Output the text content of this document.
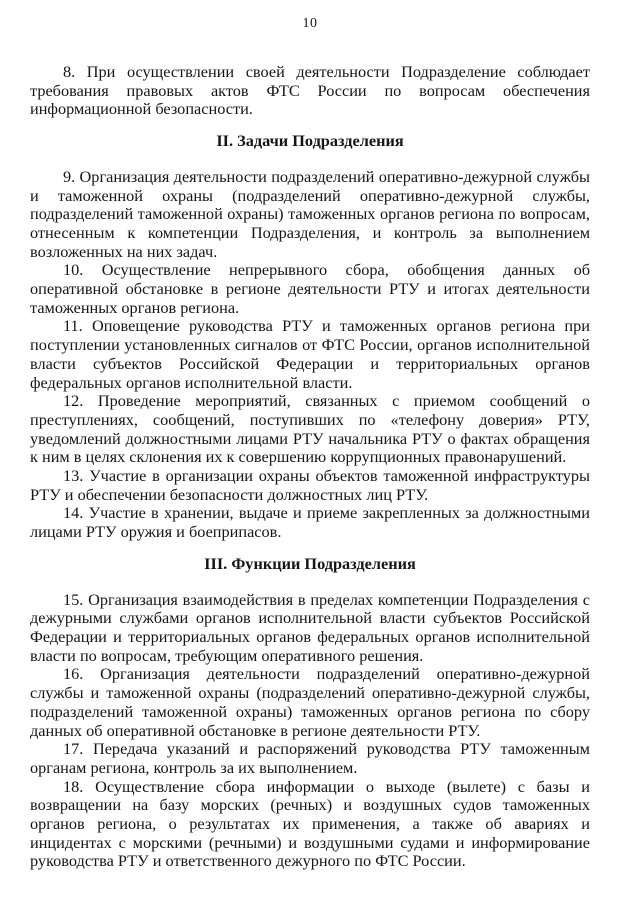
10

8. При осуществлении своей деятельности Подразделение соблюдает требования правовых актов ФТС России по вопросам обеспечения информационной безопасности.

II. Задачи Подразделения

9. Организация деятельности подразделений оперативно-дежурной службы и таможенной охраны (подразделений оперативно-дежурной службы, подразделений таможенной охраны) таможенных органов региона по вопросам, отнесенным к компетенции Подразделения, и контроль за выполнением возложенных на них задач.

10. Осуществление непрерывного сбора, обобщения данных об оперативной обстановке в регионе деятельности РТУ и итогах деятельности таможенных органов региона.

11. Оповещение руководства РТУ и таможенных органов региона при поступлении установленных сигналов от ФТС России, органов исполнительной власти субъектов Российской Федерации и территориальных органов федеральных органов исполнительной власти.

12. Проведение мероприятий, связанных с приемом сообщений о преступлениях, сообщений, поступивших по «телефону доверия» РТУ, уведомлений должностными лицами РТУ начальника РТУ о фактах обращения к ним в целях склонения их к совершению коррупционных правонарушений.

13. Участие в организации охраны объектов таможенной инфраструктуры РТУ и обеспечении безопасности должностных лиц РТУ.

14. Участие в хранении, выдаче и приеме закрепленных за должностными лицами РТУ оружия и боеприпасов.

III. Функции Подразделения

15. Организация взаимодействия в пределах компетенции Подразделения с дежурными службами органов исполнительной власти субъектов Российской Федерации и территориальных органов федеральных органов исполнительной власти по вопросам, требующим оперативного решения.

16. Организация деятельности подразделений оперативно-дежурной службы и таможенной охраны (подразделений оперативно-дежурной службы, подразделений таможенной охраны) таможенных органов региона по сбору данных об оперативной обстановке в регионе деятельности РТУ.

17. Передача указаний и распоряжений руководства РТУ таможенным органам региона, контроль за их выполнением.

18. Осуществление сбора информации о выходе (вылете) с базы и возвращении на базу морских (речных) и воздушных судов таможенных органов региона, о результатах их применения, а также об авариях и инцидентах с морскими (речными) и воздушными судами и информирование руководства РТУ и ответственного дежурного по ФТС России.
